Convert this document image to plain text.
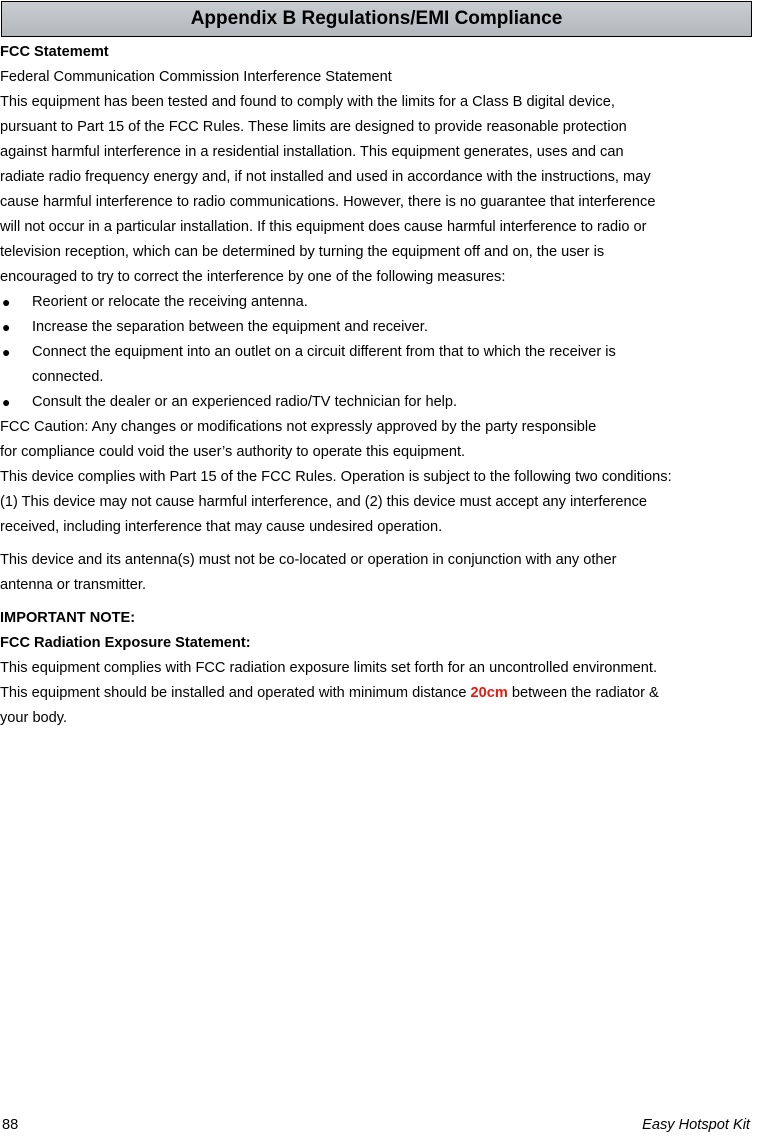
Appendix B Regulations/EMI Compliance

FCC Statememt

Federal Communication Commission Interference Statement

This equipment has been tested and found to comply with the limits for a Class B digital device,

pursuant to Part 15 of the FCC Rules. These limits are designed to provide reasonable protection

against harmful interference in a residential installation. This equipment generates, uses and can

radiate radio frequency energy and, if not installed and used in accordance with the instructions, may

cause harmful interference to radio communications. However, there is no guarantee that interference

will not occur in a particular installation. If this equipment does cause harmful interference to radio or

television reception, which can be determined by turning the equipment off and on, the user is

encouraged to try to correct the interference by one of the following measures:

●	Reorient or relocate the receiving antenna.
●	Increase the separation between the equipment and receiver.
●	Connect the equipment into an outlet on a circuit different from that to which the receiver is
connected.
●	Consult the dealer or an experienced radio/TV technician for help.

FCC Caution: Any changes or modifications not expressly approved by the party responsible

for compliance could void the user’s authority to operate this equipment.

This device complies with Part 15 of the FCC Rules. Operation is subject to the following two conditions:

(1) This device may not cause harmful interference, and (2) this device must accept any interference

received, including interference that may cause undesired operation.

This device and its antenna(s) must not be co-located or operation in conjunction with any other

antenna or transmitter.

IMPORTANT NOTE:

FCC Radiation Exposure Statement:

This equipment complies with FCC radiation exposure limits set forth for an uncontrolled environment.

This equipment should be installed and operated with minimum distance 20cm between the radiator &

your body.

88	Easy Hotspot Kit
